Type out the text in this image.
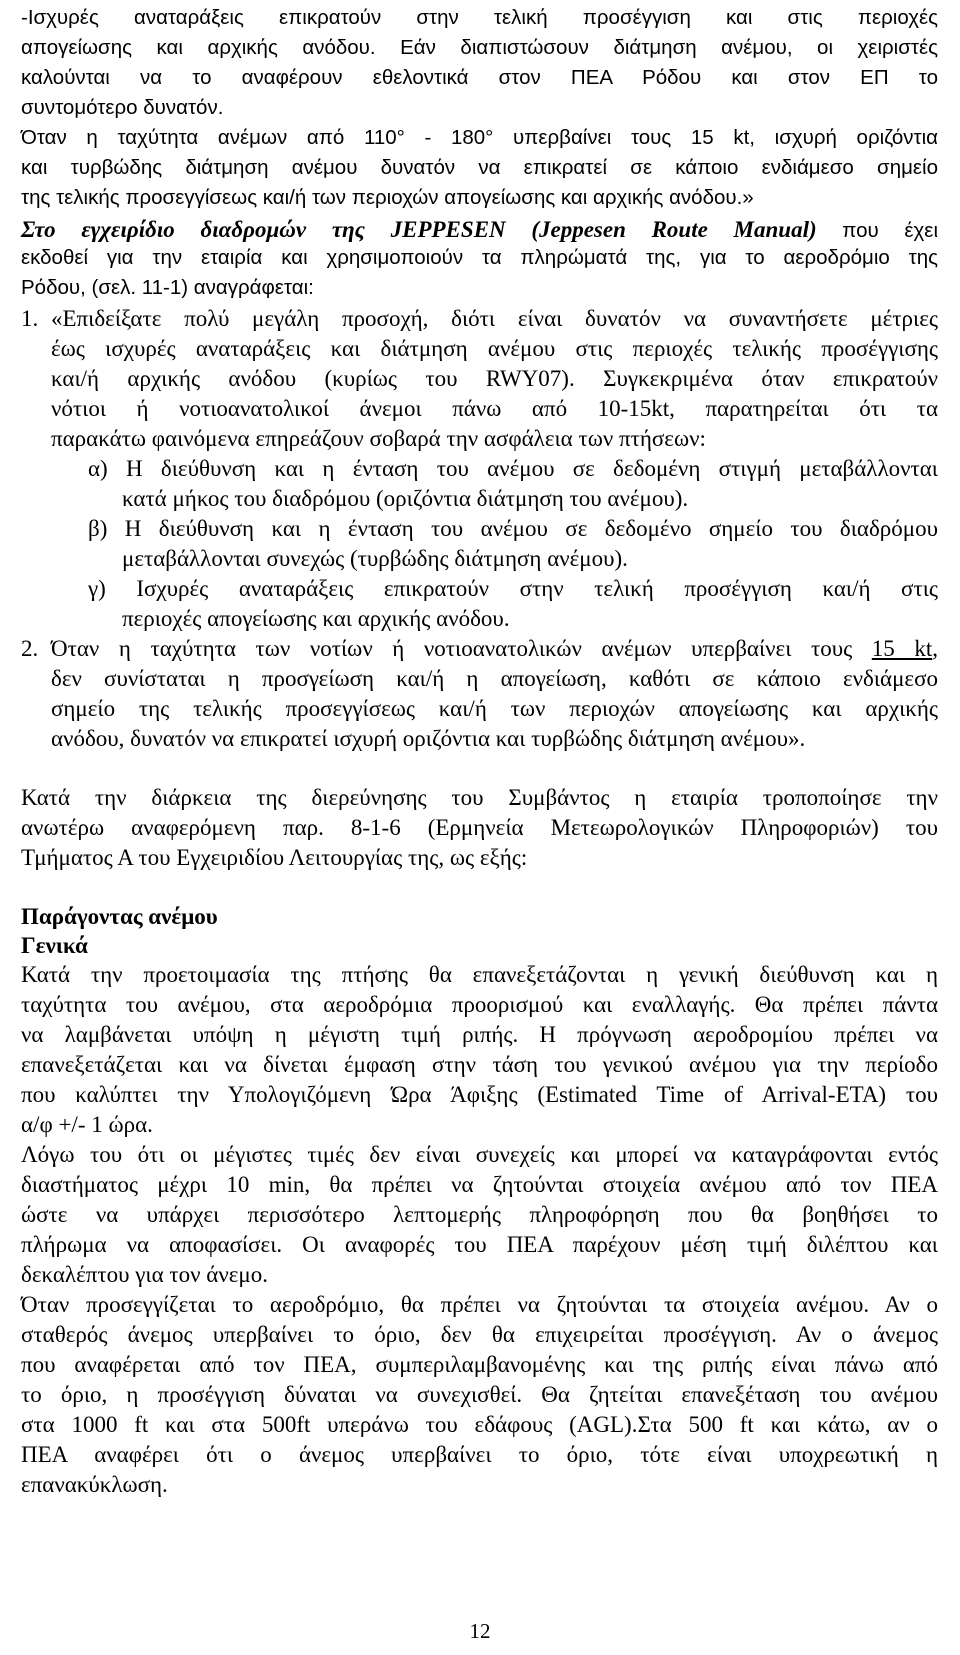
-Ισχυρές αναταράξεις επικρατούν στην τελική προσέγγιση και στις περιοχές
απογείωσης και αρχικής ανόδου. Εάν διαπιστώσουν διάτμηση ανέμου, οι χειριστές
καλούνται να το αναφέρουν εθελοντικά στον ΠΕΑ Ρόδου και στον ΕΠ το
συντομότερο δυνατόν.
Όταν η ταχύτητα ανέμων από 110° - 180° υπερβαίνει τους 15 kt, ισχυρή οριζόντια
και τυρβώδης διάτμηση ανέμου δυνατόν να επικρατεί σε κάποιο ενδιάμεσο σημείο
της τελικής προσεγγίσεως και/ή των περιοχών απογείωσης και αρχικής ανόδου.»
Στο εγχειρίδιο διαδρομών της JEPPESEN (Jeppesen Route Manual) που έχει
εκδοθεί για την εταιρία και χρησιμοποιούν τα πληρώματά της, για το αεροδρόμιο της
Ρόδου, (σελ. 11-1) αναγράφεται:
1. «Επιδείξατε πολύ μεγάλη προσοχή, διότι είναι δυνατόν να συναντήσετε μέτριες
έως ισχυρές αναταράξεις και διάτμηση ανέμου στις περιοχές τελικής προσέγγισης
και/ή αρχικής ανόδου (κυρίως του RWY07). Συγκεκριμένα όταν επικρατούν
νότιοι ή νοτιοανατολικοί άνεμοι πάνω από 10-15kt, παρατηρείται ότι τα
παρακάτω φαινόμενα επηρεάζουν σοβαρά την ασφάλεια των πτήσεων:
α) Η διεύθυνση και η ένταση του ανέμου σε δεδομένη στιγμή μεταβάλλονται
κατά μήκος του διαδρόμου (οριζόντια διάτμηση του ανέμου).
β) Η διεύθυνση και η ένταση του ανέμου σε δεδομένο σημείο του διαδρόμου
μεταβάλλονται συνεχώς (τυρβώδης διάτμηση ανέμου).
γ) Ισχυρές αναταράξεις επικρατούν στην τελική προσέγγιση και/ή στις
περιοχές απογείωσης και αρχικής ανόδου.
2. Όταν η ταχύτητα των νοτίων ή νοτιοανατολικών ανέμων υπερβαίνει τους 15 kt,
δεν συνίσταται η προσγείωση και/ή η απογείωση, καθότι σε κάποιο ενδιάμεσο
σημείο της τελικής προσεγγίσεως και/ή των περιοχών απογείωσης και αρχικής
ανόδου, δυνατόν να επικρατεί ισχυρή οριζόντια και τυρβώδης διάτμηση ανέμου».
Κατά την διάρκεια της διερεύνησης του Συμβάντος η εταιρία τροποποίησε την
ανωτέρω αναφερόμενη παρ. 8-1-6 (Ερμηνεία Μετεωρολογικών Πληροφοριών) του
Τμήματος Α του Εγχειριδίου Λειτουργίας της, ως εξής:
Παράγοντας ανέμου
Γενικά
Κατά την προετοιμασία της πτήσης θα επανεξετάζονται η γενική διεύθυνση και η
ταχύτητα του ανέμου, στα αεροδρόμια προορισμού και εναλλαγής. Θα πρέπει πάντα
να λαμβάνεται υπόψη η μέγιστη τιμή ριπής. Η πρόγνωση αεροδρομίου πρέπει να
επανεξετάζεται και να δίνεται έμφαση στην τάση του γενικού ανέμου για την περίοδο
που καλύπτει την Υπολογιζόμενη Ώρα Άφιξης (Estimated Time of Arrival-ETA) του
α/φ +/- 1 ώρα.
Λόγω του ότι οι μέγιστες τιμές δεν είναι συνεχείς και μπορεί να καταγράφονται εντός
διαστήματος μέχρι 10 min, θα πρέπει να ζητούνται στοιχεία ανέμου από τον ΠΕΑ
ώστε να υπάρχει περισσότερο λεπτομερής πληροφόρηση που θα βοηθήσει το
πλήρωμα να αποφασίσει. Οι αναφορές του ΠΕΑ παρέχουν μέση τιμή διλέπτου και
δεκαλέπτου για τον άνεμο.
Όταν προσεγγίζεται το αεροδρόμιο, θα πρέπει να ζητούνται τα στοιχεία ανέμου. Αν ο
σταθερός άνεμος υπερβαίνει το όριο, δεν θα επιχειρείται προσέγγιση. Αν ο άνεμος
που αναφέρεται από τον ΠΕΑ, συμπεριλαμβανομένης και της ριπής είναι πάνω από
το όριο, η προσέγγιση δύναται να συνεχισθεί. Θα ζητείται επανεξέταση του ανέμου
στα 1000 ft και στα 500ft υπεράνω του εδάφους (AGL).Στα 500 ft και κάτω, αν ο
ΠΕΑ αναφέρει ότι ο άνεμος υπερβαίνει το όριο, τότε είναι υποχρεωτική η
επανακύκλωση.
12
